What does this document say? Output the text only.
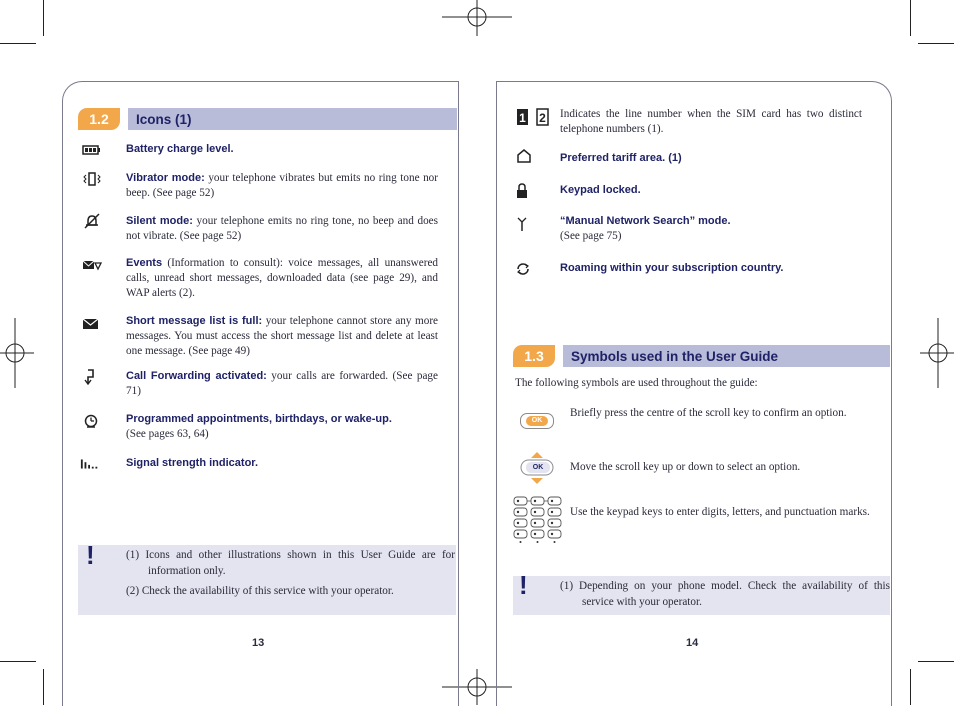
1.2	Icons (1)
Battery charge level.
Vibrator mode: your telephone vibrates but emits no ring tone nor beep. (See page 52)
Silent mode: your telephone emits no ring tone, no beep and does not vibrate. (See page 52)
Events (Information to consult): voice messages, all unanswered calls, unread short messages, downloaded data (see page 29), and WAP alerts (2).
Short message list is full: your telephone cannot store any more messages. You must access the short message list and delete at least one message. (See page 49)
Call Forwarding activated: your calls are forwarded. (See page 71)
Programmed appointments, birthdays, or wake-up.
(See pages 63, 64)
Signal strength indicator.
!	(1) Icons and other illustrations shown in this User Guide are for information only.
(2) Check the availability of this service with your operator.
13
1 2 Indicates the line number when the SIM card has two distinct telephone numbers (1).
Preferred tariff area. (1)
Keypad locked.
“Manual Network Search” mode.
(See page 75)
Roaming within your subscription country.
1.3	Symbols used in the User Guide
The following symbols are used throughout the guide:
OK
Briefly press the centre of the scroll key to confirm an option.
OK	Move the scroll key up or down to select an option.
Use the keypad keys to enter digits, letters, and punctuation marks.
!	(1) Depending on your phone model. Check the availability of this service with your operator.
14
